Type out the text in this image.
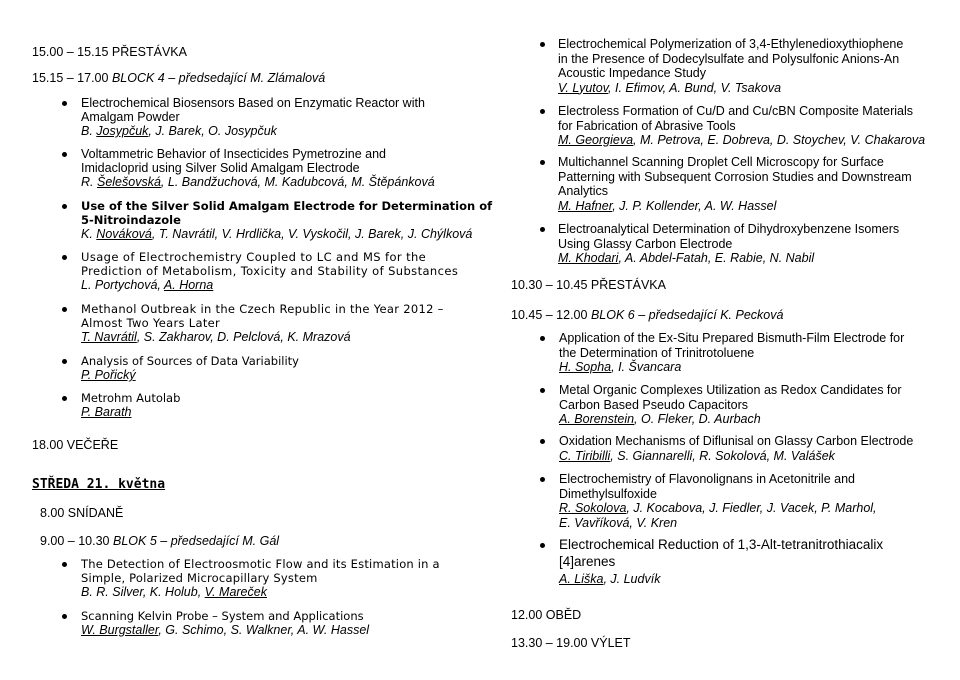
15.00 – 15.15 PŘESTÁVKA
15.15 – 17.00 BLOCK 4 – předsedající M. Zlámalová
Electrochemical Biosensors Based on Enzymatic Reactor with
Amalgam Powder
B. Josypčuk, J. Barek, O. Josypčuk
Voltammetric Behavior of Insecticides Pymetrozine and
Imidacloprid using Silver Solid Amalgam Electrode
R. Šelešovská, L. Bandžuchová, M. Kadubcová, M. Štěpánková
Use of the Silver Solid Amalgam Electrode for Determination of
5-Nitroindazole
K. Nováková, T. Navrátil, V. Hrdlička, V. Vyskočil, J. Barek, J. Chýlková
Usage of Electrochemistry Coupled to LC and MS for the
Prediction of Metabolism, Toxicity and Stability of Substances
L. Portychová, A. Horna
Methanol Outbreak in the Czech Republic in the Year 2012 –
Almost Two Years Later
T. Navrátil, S. Zakharov, D. Pelclová, K. Mrazová
Analysis of Sources of Data Variability
P. Pořický
Metrohm Autolab
P. Barath
18.00 VEČEŘE
STŘEDA 21. května
8.00 SNÍDANĚ
9.00 – 10.30 BLOK 5 – předsedající M. Gál
The Detection of Electroosmotic Flow and its Estimation in a
Simple, Polarized Microcapillary System
B. R. Silver, K. Holub, V. Mareček
Scanning Kelvin Probe – System and Applications
W. Burgstaller, G. Schimo, S. Walkner, A. W. Hassel
Electrochemical Polymerization of 3,4-Ethylenedioxythiophene
in the Presence of Dodecylsulfate and Polysulfonic Anions-An
Acoustic Impedance Study
V. Lyutov, I. Efimov, A. Bund, V. Tsakova
Electroless Formation of Cu/D and Cu/cBN Composite Materials
for Fabrication of Abrasive Tools
M. Georgieva, M. Petrova, E. Dobreva, D. Stoychev, V. Chakarova
Multichannel Scanning Droplet Cell Microscopy for Surface
Patterning with Subsequent Corrosion Studies and Downstream
Analytics
M. Hafner, J. P. Kollender, A. W. Hassel
Electroanalytical Determination of Dihydroxybenzene Isomers
Using Glassy Carbon Electrode
M. Khodari, A. Abdel-Fatah, E. Rabie, N. Nabil
10.30 – 10.45 PŘESTÁVKA
10.45 – 12.00 BLOK 6 – předsedající K. Pecková
Application of the Ex-Situ Prepared Bismuth-Film Electrode for
the Determination of Trinitrotoluene
H. Sopha, I. Švancara
Metal Organic Complexes Utilization as Redox Candidates for
Carbon Based Pseudo Capacitors
A. Borenstein, O. Fleker, D. Aurbach
Oxidation Mechanisms of Diflunisal on Glassy Carbon Electrode
C. Tiribilli, S. Giannarelli, R. Sokolová, M. Valášek
Electrochemistry of Flavonolignans in Acetonitrile and
Dimethylsulfoxide
R. Sokolova, J. Kocabova, J. Fiedler, J. Vacek, P. Marhol,
E. Vavříková, V. Kren
Electrochemical Reduction of 1,3-Alt-tetranitrothiacalix
[4]arenes
A. Liška, J. Ludvík
12.00 OBĚD
13.30 – 19.00 VÝLET
